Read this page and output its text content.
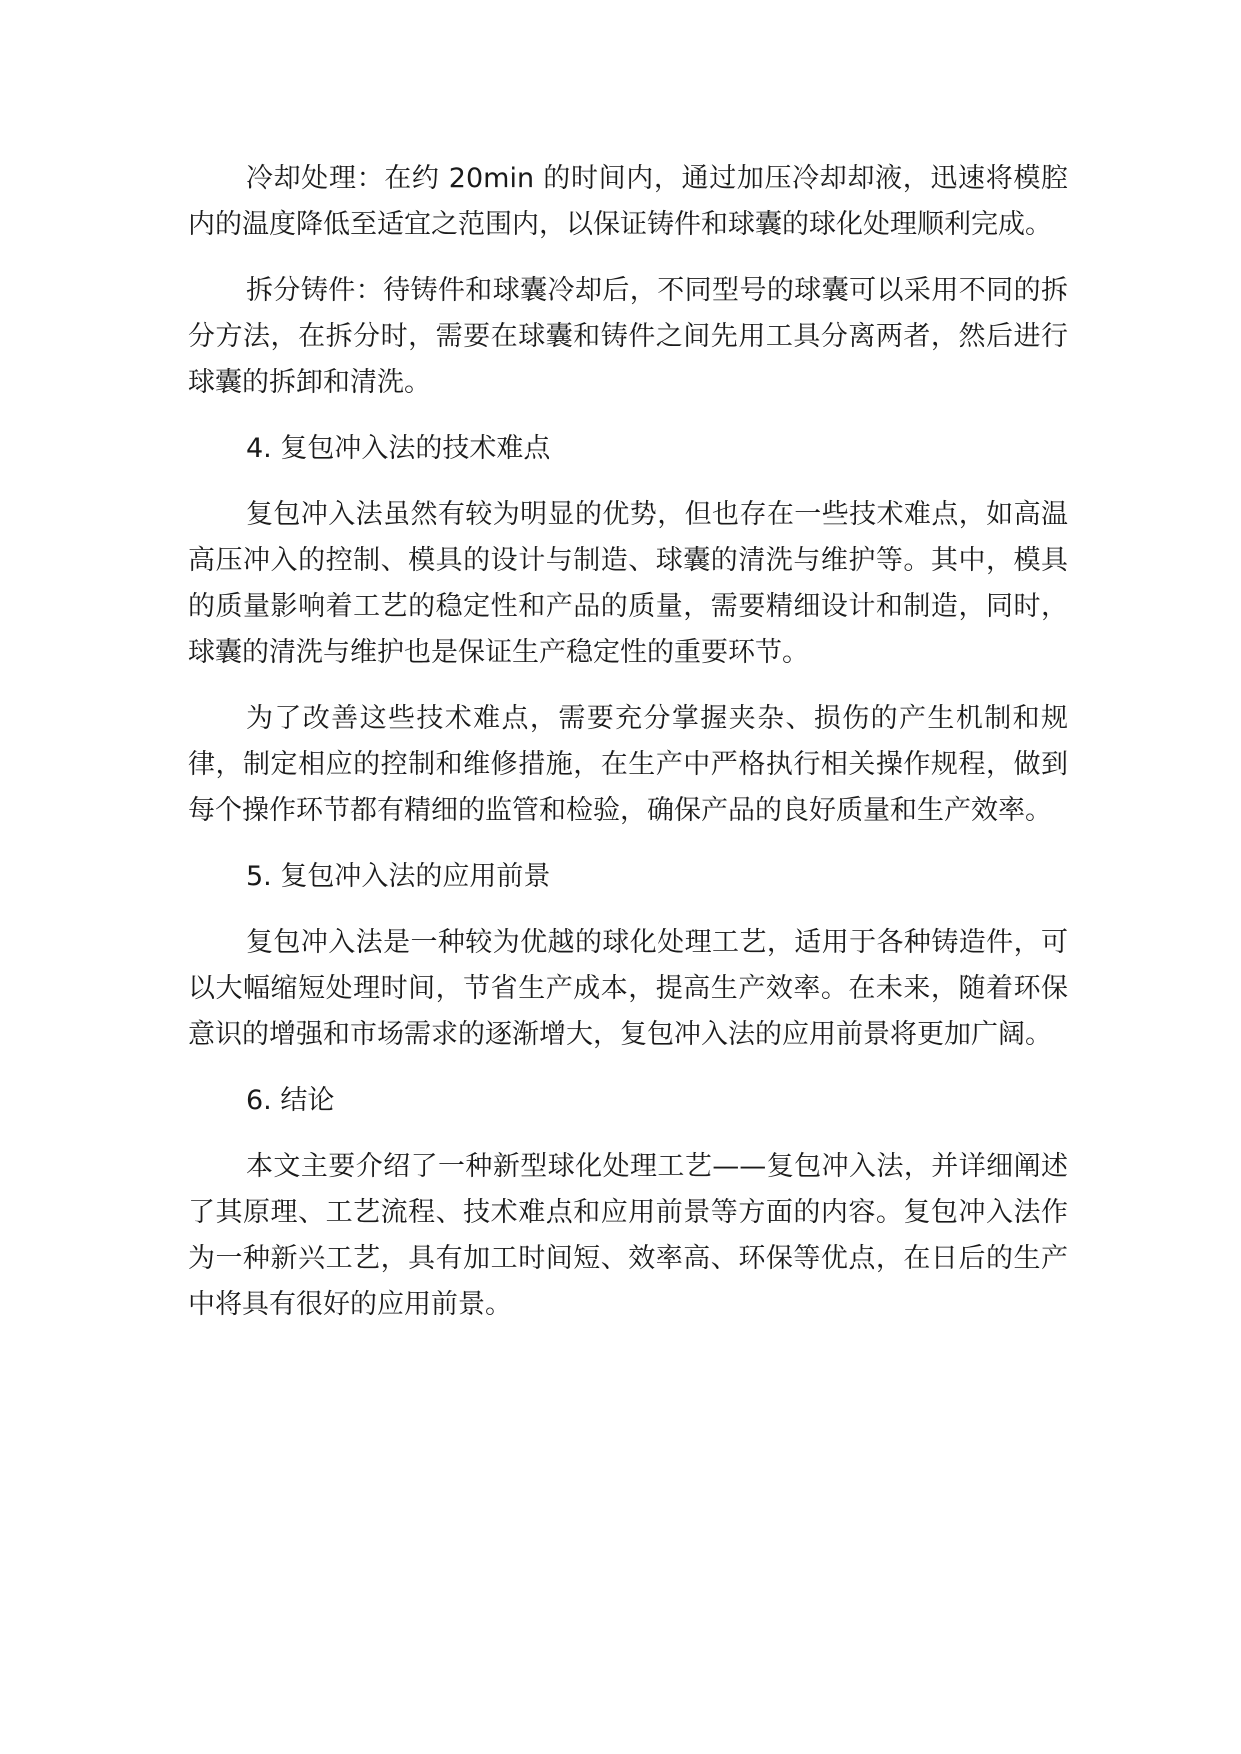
冷却处理：在约 20min 的时间内，通过加压冷却却液，迅速将模腔内的温度降低至适宜之范围内，以保证铸件和球囊的球化处理顺利完成。

拆分铸件：待铸件和球囊冷却后，不同型号的球囊可以采用不同的拆分方法，在拆分时，需要在球囊和铸件之间先用工具分离两者，然后进行球囊的拆卸和清洗。

4. 复包冲入法的技术难点

复包冲入法虽然有较为明显的优势，但也存在一些技术难点，如高温高压冲入的控制、模具的设计与制造、球囊的清洗与维护等。其中，模具的质量影响着工艺的稳定性和产品的质量，需要精细设计和制造，同时，球囊的清洗与维护也是保证生产稳定性的重要环节。

为了改善这些技术难点，需要充分掌握夹杂、损伤的产生机制和规律，制定相应的控制和维修措施，在生产中严格执行相关操作规程，做到每个操作环节都有精细的监管和检验，确保产品的良好质量和生产效率。

5. 复包冲入法的应用前景

复包冲入法是一种较为优越的球化处理工艺，适用于各种铸造件，可以大幅缩短处理时间，节省生产成本，提高生产效率。在未来，随着环保意识的增强和市场需求的逐渐增大，复包冲入法的应用前景将更加广阔。

6. 结论

本文主要介绍了一种新型球化处理工艺——复包冲入法，并详细阐述了其原理、工艺流程、技术难点和应用前景等方面的内容。复包冲入法作为一种新兴工艺，具有加工时间短、效率高、环保等优点，在日后的生产中将具有很好的应用前景。
